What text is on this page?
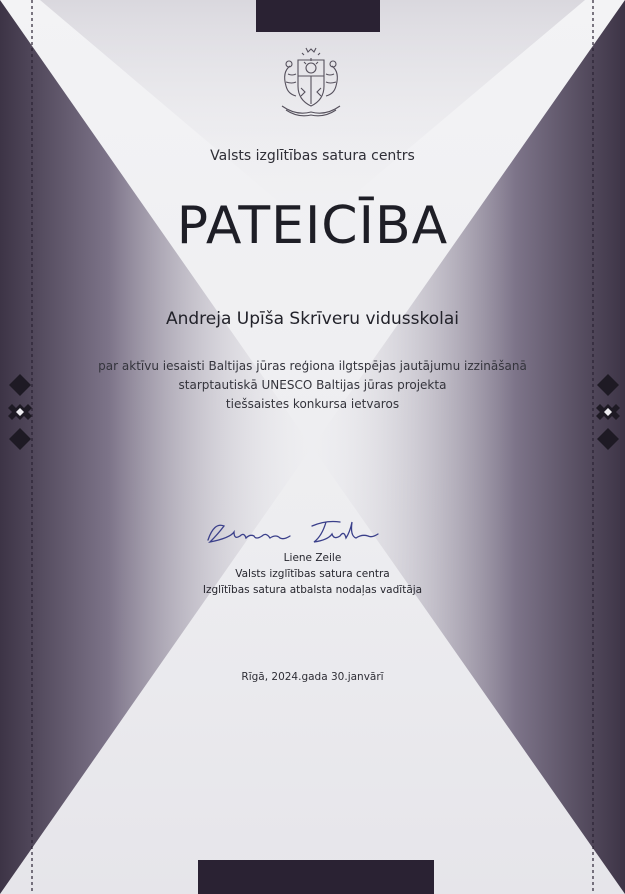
Valsts izglītības satura centrs
PATEICĪBA
Andreja Upīša Skrīveru vidusskolai
par aktīvu iesaisti Baltijas jūras reģiona ilgtspējas jautājumu izzināšanā
starptautiskā UNESCO Baltijas jūras projekta
tiešsaistes konkursa ietvaros
Liene Zeile
Valsts izglītības satura centra
Izglītības satura atbalsta nodaļas vadītāja
Rīgā, 2024.gada 30.janvārī
